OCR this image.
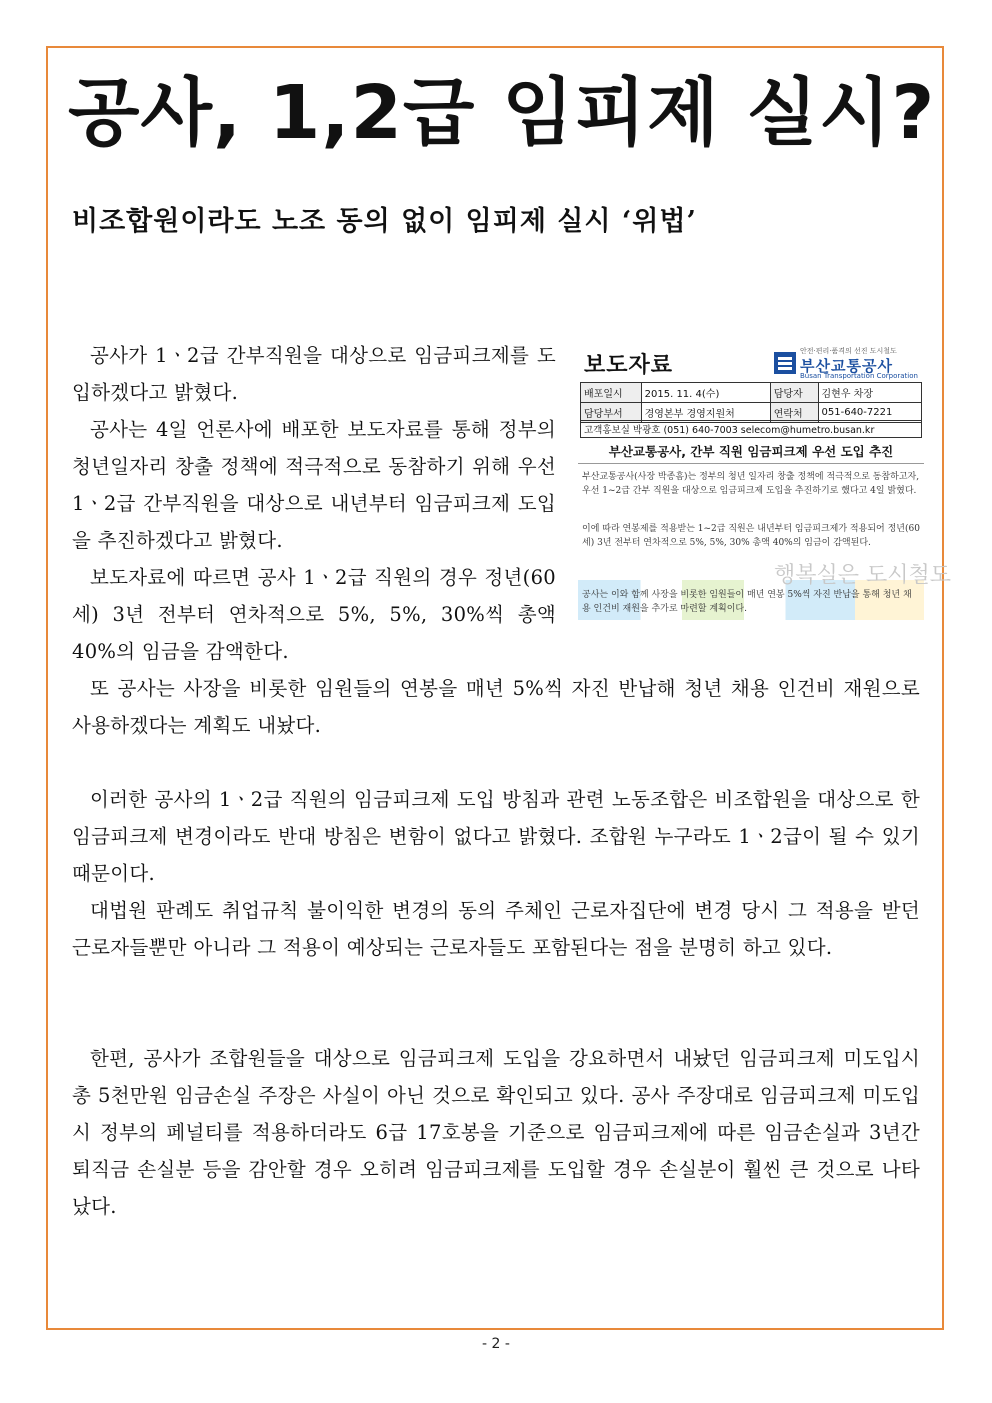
공사, 1,2급 임피제 실시?
비조합원이라도 노조 동의 없이 임피제 실시 ‘위법’

공사가 1ㆍ2급 간부직원을 대상으로 임금피크제를 도입하겠다고 밝혔다.

공사는 4일 언론사에 배포한 보도자료를 통해 정부의 청년일자리 창출 정책에 적극적으로 동참하기 위해 우선 1ㆍ2급 간부직원을 대상으로 내년부터 임금피크제 도입을 추진하겠다고 밝혔다.

보도자료에 따르면 공사 1ㆍ2급 직원의 경우 정년(60세) 3년 전부터 연차적으로 5%, 5%, 30%씩 총액 40%의 임금을 감액한다.

또 공사는 사장을 비롯한 임원들의 연봉을 매년 5%씩 자진 반납해 청년 채용 인건비 재원으로 사용하겠다는 계획도 내놨다.

이러한 공사의 1ㆍ2급 직원의 임금피크제 도입 방침과 관련 노동조합은 비조합원을 대상으로 한 임금피크제 변경이라도 반대 방침은 변함이 없다고 밝혔다. 조합원 누구라도 1ㆍ2급이 될 수 있기 때문이다.

대법원 판례도 취업규칙 불이익한 변경의 동의 주체인 근로자집단에 변경 당시 그 적용을 받던 근로자들뿐만 아니라 그 적용이 예상되는 근로자들도 포함된다는 점을 분명히 하고 있다.

한편, 공사가 조합원들을 대상으로 임금피크제 도입을 강요하면서 내놨던 임금피크제 미도입시 총 5천만원 임금손실 주장은 사실이 아닌 것으로 확인되고 있다. 공사 주장대로 임금피크제 미도입시 정부의 페널티를 적용하더라도 6급 17호봉을 기준으로 임금피크제에 따른 임금손실과 3년간 퇴직금 손실분 등을 감안할 경우 오히려 임금피크제를 도입할 경우 손실분이 훨씬 큰 것으로 나타났다.

보도자료
안전·편리·품격의 선진 도시철도
부산교통공사
Busan Transportation Corporation
배포일시	2015. 11. 4(수)	담당자	김현우 차장
담당부서	경영본부 경영지원처	연락처	051-640-7221
고객홍보실 박광호 (051) 640-7003 selecom@humetro.busan.kr
부산교통공사, 간부 직원 임금피크제 우선 도입 추진
부산교통공사(사장 박종흠)는 정부의 청년 일자리 창출 정책에 적극적으로 동참하고자, 우선 1~2급 간부 직원을 대상으로 임금피크제 도입을 추진하기로 했다고 4일 밝혔다.
이에 따라 연봉제를 적용받는 1~2급 직원은 내년부터 임금피크제가 적용되어 정년(60세) 3년 전부터 연차적으로 5%, 5%, 30% 총액 40%의 임금이 감액된다.
행복실은 도시철도
공사는 이와 함께 사장을 비롯한 임원들이 매년 연봉 5%씩 자진 반납을 통해 청년 채용 인건비 재원을 추가로 마련할 계획이다.
- 2 -
